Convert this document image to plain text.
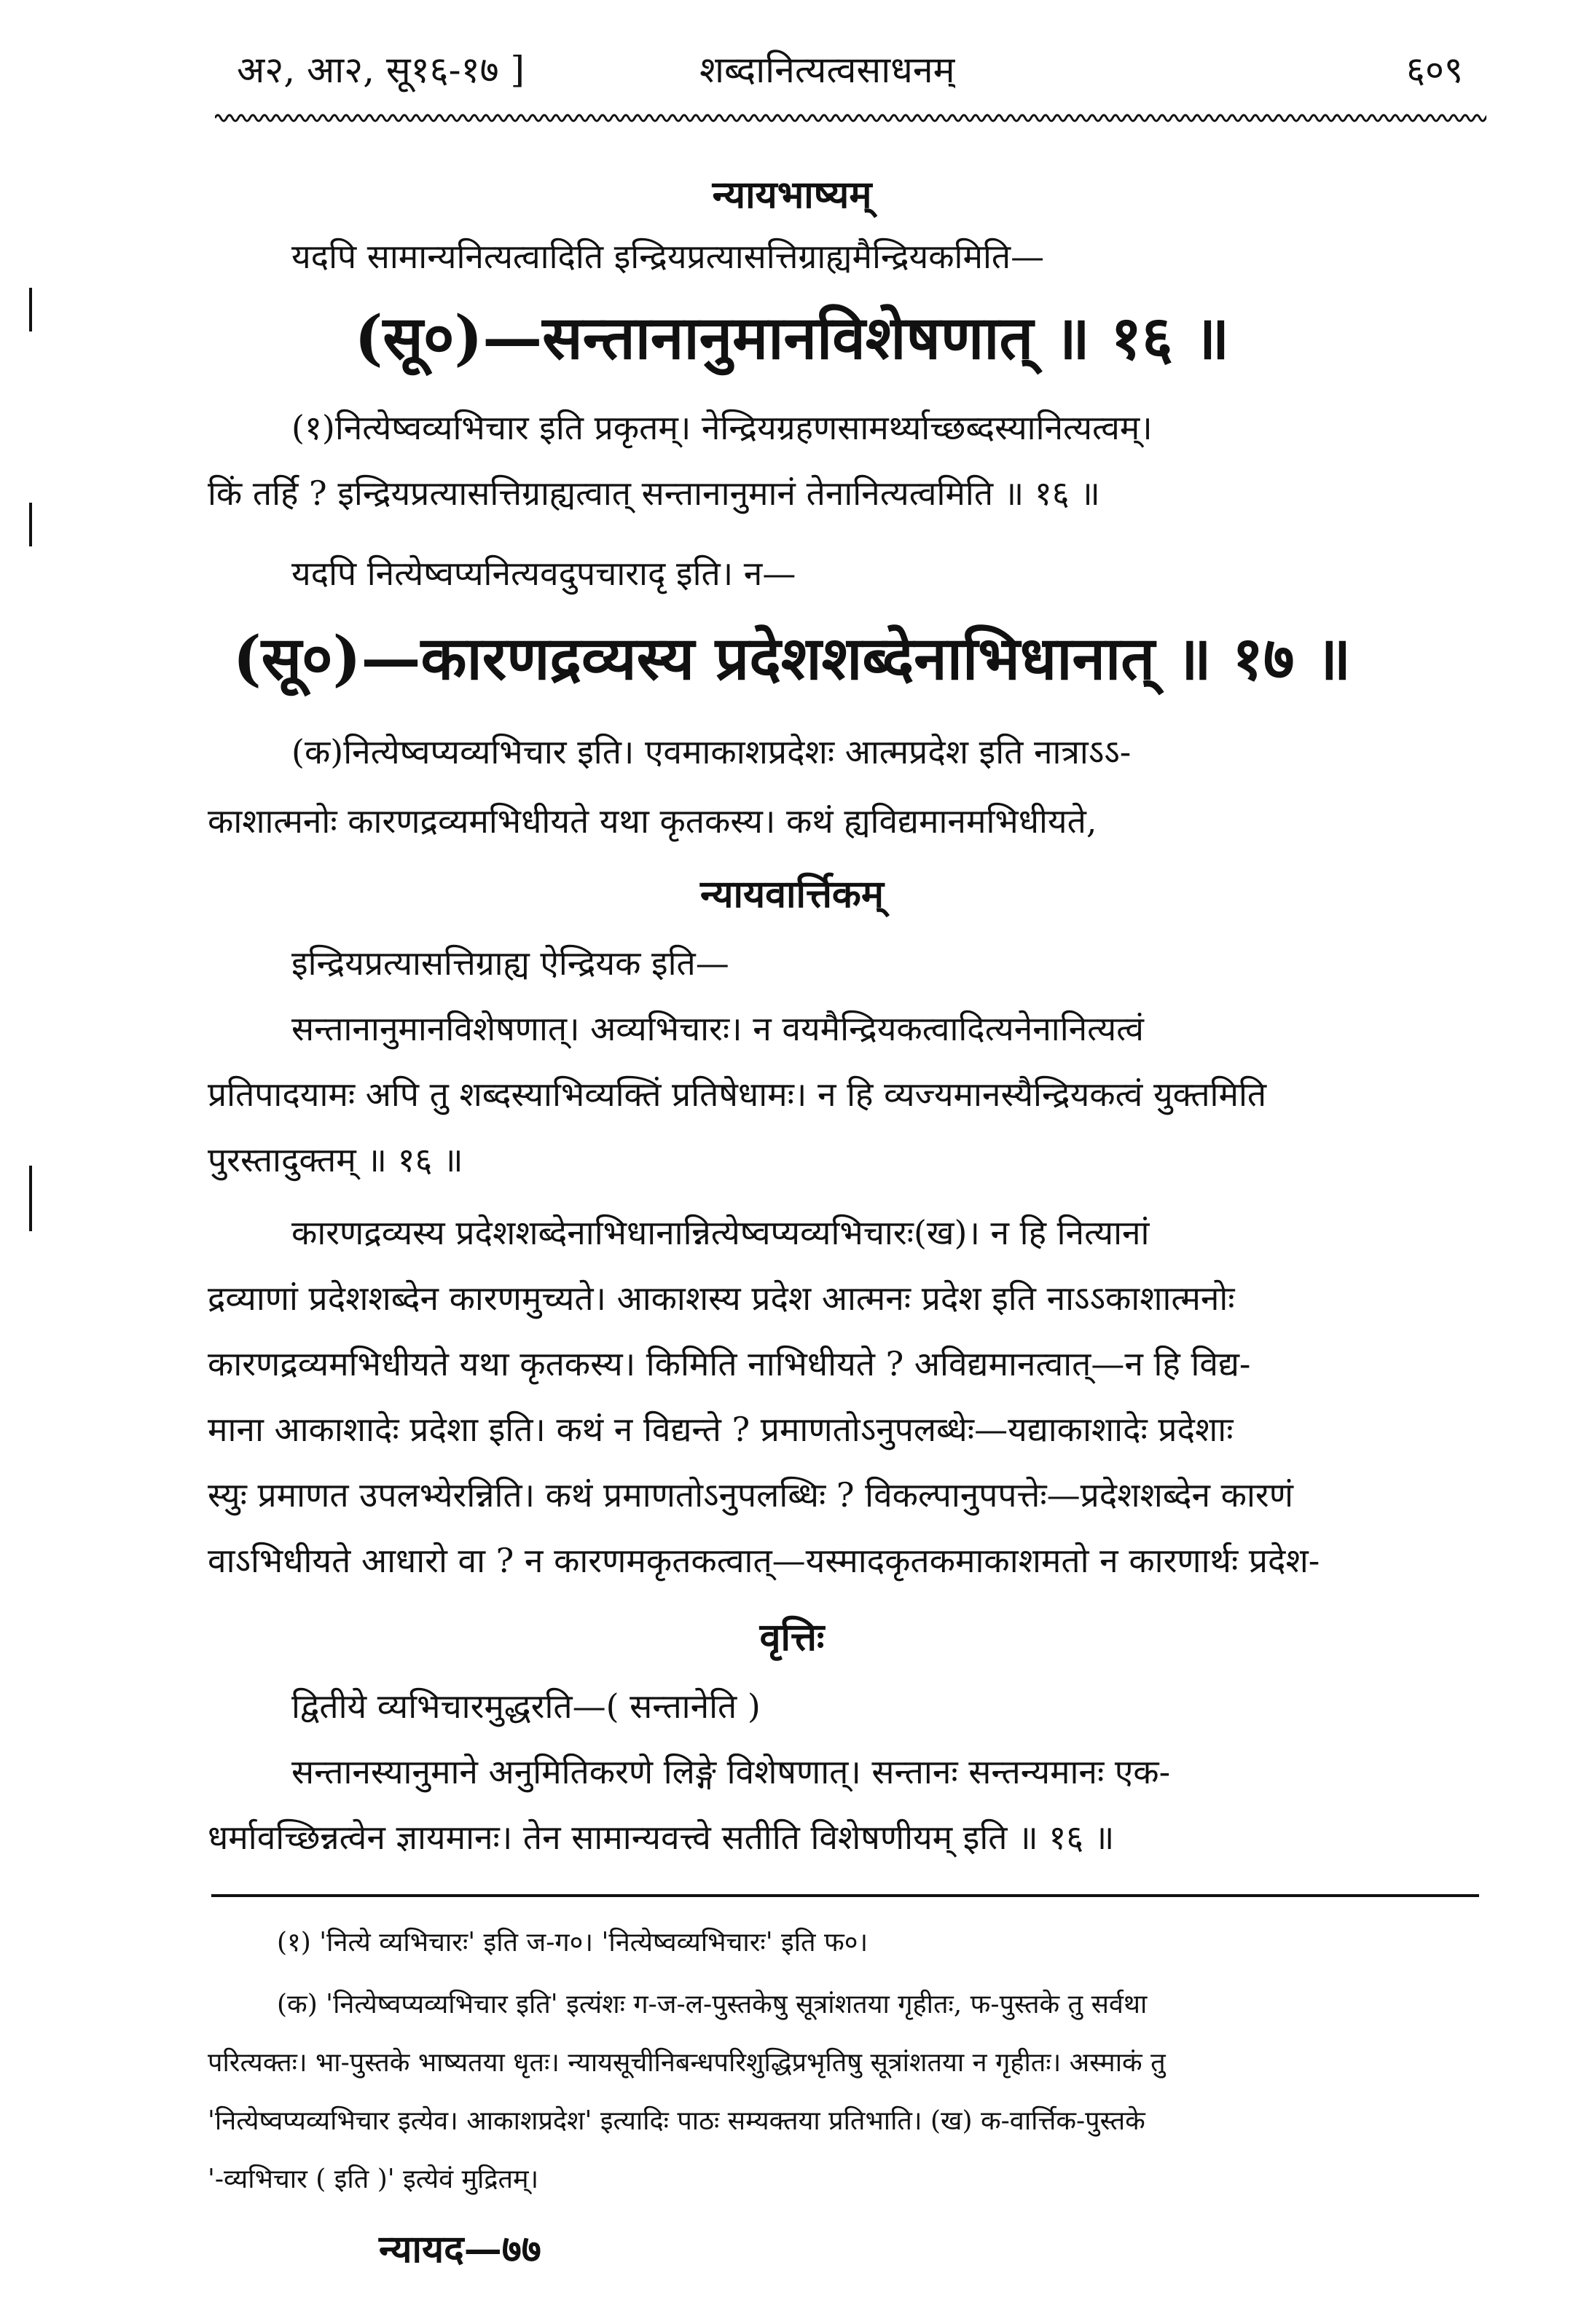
अ२, आ२, सू१६-१७ ]	शब्दानित्यत्वसाधनम्	६०९
न्यायभाष्यम्
यदपि सामान्यनित्यत्वादिति इन्द्रियप्रत्यासत्तिग्राह्यमैन्द्रियकमिति—
(सू०)—सन्तानानुमानविशेषणात् ॥ १६ ॥
(१)नित्येष्वव्यभिचार इति प्रकृतम्। नेन्द्रियग्रहणसामर्थ्याच्छब्दस्यानित्यत्वम्।
किं तर्हि ? इन्द्रियप्रत्यासत्तिग्राह्यत्वात् सन्तानानुमानं तेनानित्यत्वमिति ॥ १६ ॥
यदपि नित्येष्वप्यनित्यवदुपचारादृ इति। न—
(सू०)—कारणद्रव्यस्य प्रदेशशब्देनाभिधानात् ॥ १७ ॥
(क)नित्येष्वप्यव्यभिचार इति। एवमाकाशप्रदेशः आत्मप्रदेश इति नात्राऽऽ-
काशात्मनोः कारणद्रव्यमभिधीयते यथा कृतकस्य। कथं ह्यविद्यमानमभिधीयते,
न्यायवार्त्तिकम्
इन्द्रियप्रत्यासत्तिग्राह्य ऐन्द्रियक इति—
सन्तानानुमानविशेषणात्। अव्यभिचारः। न वयमैन्द्रियकत्वादित्यनेनानित्यत्वं
प्रतिपादयामः अपि तु शब्दस्याभिव्यक्तिं प्रतिषेधामः। न हि व्यज्यमानस्यैन्द्रियकत्वं युक्तमिति
पुरस्तादुक्तम् ॥ १६ ॥
कारणद्रव्यस्य प्रदेशशब्देनाभिधानान्नित्येष्वप्यव्यभिचारः(ख)। न हि नित्यानां
द्रव्याणां प्रदेशशब्देन कारणमुच्यते। आकाशस्य प्रदेश आत्मनः प्रदेश इति नाऽऽकाशात्मनोः
कारणद्रव्यमभिधीयते यथा कृतकस्य। किमिति नाभिधीयते ? अविद्यमानत्वात्—न हि विद्य-
माना आकाशादेः प्रदेशा इति। कथं न विद्यन्ते ? प्रमाणतोऽनुपलब्धेः—यद्याकाशादेः प्रदेशाः
स्युः प्रमाणत उपलभ्येरन्निति। कथं प्रमाणतोऽनुपलब्धिः ? विकल्पानुपपत्तेः—प्रदेशशब्देन कारणं
वाऽभिधीयते आधारो वा ? न कारणमकृतकत्वात्—यस्मादकृतकमाकाशमतो न कारणार्थः प्रदेश-
वृत्तिः
द्वितीये व्यभिचारमुद्धरति—( सन्तानेति )
सन्तानस्यानुमाने अनुमितिकरणे लिङ्गे विशेषणात्। सन्तानः सन्तन्यमानः एक-
धर्मावच्छिन्नत्वेन ज्ञायमानः। तेन सामान्यवत्त्वे सतीति विशेषणीयम् इति ॥ १६ ॥
(१) 'नित्ये व्यभिचारः' इति ज-ग०। 'नित्येष्वव्यभिचारः' इति फ०।
(क) 'नित्येष्वप्यव्यभिचार इति' इत्यंशः ग-ज-ल-पुस्तकेषु सूत्रांशतया गृहीतः, फ-पुस्तके तु सर्वथा
परित्यक्तः। भा-पुस्तके भाष्यतया धृतः। न्यायसूचीनिबन्धपरिशुद्धिप्रभृतिषु सूत्रांशतया न गृहीतः। अस्माकं तु
'नित्येष्वप्यव्यभिचार इत्येव। आकाशप्रदेश' इत्यादिः पाठः सम्यक्तया प्रतिभाति। (ख) क-वार्त्तिक-पुस्तके
'-व्यभिचार ( इति )' इत्येवं मुद्रितम्।
न्यायद—७७
